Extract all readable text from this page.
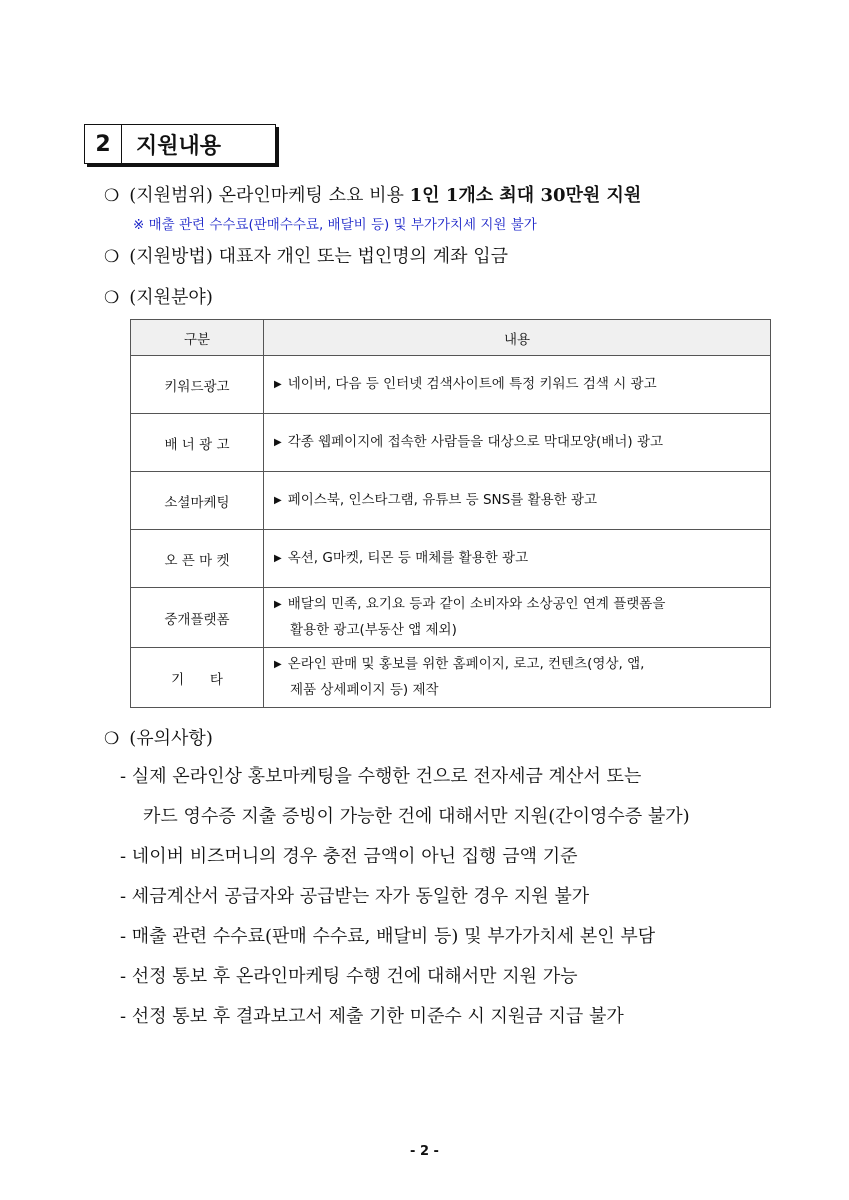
2	지원내용
❍ (지원범위) 온라인마케팅 소요 비용 1인 1개소 최대 30만원 지원
※ 매출 관련 수수료(판매수수료, 배달비 등) 및 부가가치세 지원 불가
❍ (지원방법) 대표자 개인 또는 법인명의 계좌 입금
❍ (지원분야)
구분	내용
키워드광고	▶ 네이버, 다음 등 인터넷 검색사이트에 특정 키워드 검색 시 광고
배 너 광 고	▶ 각종 웹페이지에 접속한 사람들을 대상으로 막대모양(배너) 광고
소셜마케팅	▶ 페이스북, 인스타그램, 유튜브 등 SNS를 활용한 광고
오 픈 마 켓	▶ 옥션, G마켓, 티몬 등 매체를 활용한 광고
중개플랫폼	▶ 배달의 민족, 요기요 등과 같이 소비자와 소상공인 연계 플랫폼을
활용한 광고(부동산 앱 제외)

기      타	▶ 온라인 판매 및 홍보를 위한 홈페이지, 로고, 컨텐츠(영상, 앱,
제품 상세페이지 등) 제작
❍ (유의사항)
- 실제 온라인상 홍보마케팅을 수행한 건으로 전자세금 계산서 또는
카드 영수증 지출 증빙이 가능한 건에 대해서만 지원(간이영수증 불가)
- 네이버 비즈머니의 경우 충전 금액이 아닌 집행 금액 기준
- 세금계산서 공급자와 공급받는 자가 동일한 경우 지원 불가
- 매출 관련 수수료(판매 수수료, 배달비 등) 및 부가가치세 본인 부담
- 선정 통보 후 온라인마케팅 수행 건에 대해서만 지원 가능
- 선정 통보 후 결과보고서 제출 기한 미준수 시 지원금 지급 불가
- 2 -
